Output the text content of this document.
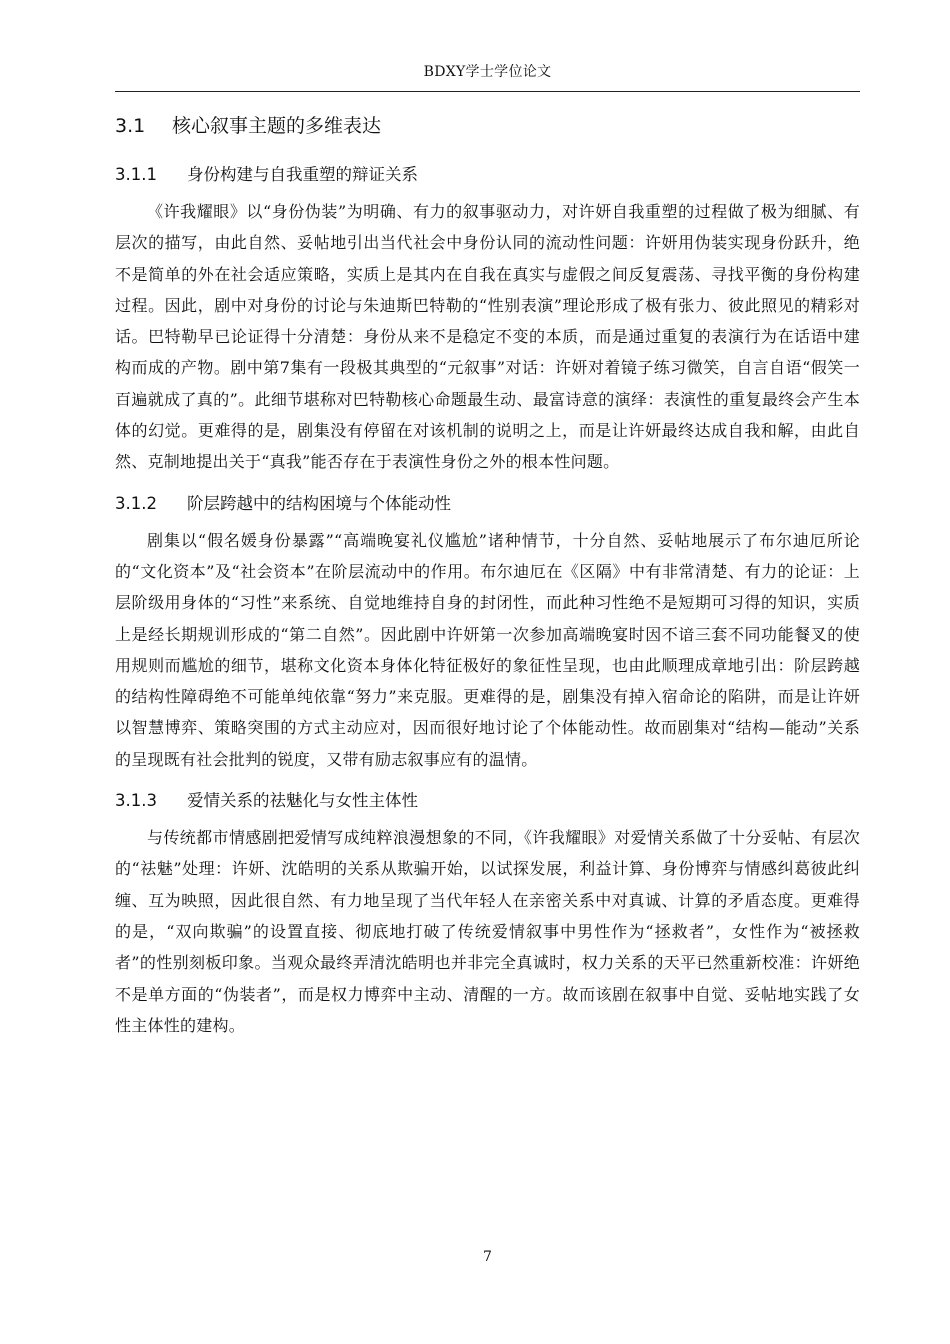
BDXY学士学位论文
3.1 核心叙事主题的多维表达
3.1.1 身份构建与自我重塑的辩证关系

《许我耀眼》以“身份伪装”为明确、有力的叙事驱动力，对许妍自我重塑的过程做了极为细腻、有层次的描写，由此自然、妥帖地引出当代社会中身份认同的流动性问题：许妍用伪装实现身份跃升，绝不是简单的外在社会适应策略，实质上是其内在自我在真实与虚假之间反复震荡、寻找平衡的身份构建过程。因此，剧中对身份的讨论与朱迪斯巴特勒的“性别表演”理论形成了极有张力、彼此照见的精彩对话。巴特勒早已论证得十分清楚：身份从来不是稳定不变的本质，而是通过重复的表演行为在话语中建构而成的产物。剧中第7集有一段极其典型的“元叙事”对话：许妍对着镜子练习微笑，自言自语“假笑一百遍就成了真的”。此细节堪称对巴特勒核心命题最生动、最富诗意的演绎：表演性的重复最终会产生本体的幻觉。更难得的是，剧集没有停留在对该机制的说明之上，而是让许妍最终达成自我和解，由此自然、克制地提出关于“真我”能否存在于表演性身份之外的根本性问题。

3.1.2 阶层跨越中的结构困境与个体能动性

剧集以“假名媛身份暴露”“高端晚宴礼仪尴尬”诸种情节，十分自然、妥帖地展示了布尔迪厄所论的“文化资本”及“社会资本”在阶层流动中的作用。布尔迪厄在《区隔》中有非常清楚、有力的论证：上层阶级用身体的“习性”来系统、自觉地维持自身的封闭性，而此种习性绝不是短期可习得的知识，实质上是经长期规训形成的“第二自然”。因此剧中许妍第一次参加高端晚宴时因不谙三套不同功能餐叉的使用规则而尴尬的细节，堪称文化资本身体化特征极好的象征性呈现，也由此顺理成章地引出：阶层跨越的结构性障碍绝不可能单纯依靠“努力”来克服。更难得的是，剧集没有掉入宿命论的陷阱，而是让许妍以智慧博弈、策略突围的方式主动应对，因而很好地讨论了个体能动性。故而剧集对“结构—能动”关系的呈现既有社会批判的锐度，又带有励志叙事应有的温情。

3.1.3 爱情关系的祛魅化与女性主体性

与传统都市情感剧把爱情写成纯粹浪漫想象的不同，《许我耀眼》对爱情关系做了十分妥帖、有层次的“祛魅”处理：许妍、沈皓明的关系从欺骗开始，以试探发展，利益计算、身份博弈与情感纠葛彼此纠缠、互为映照，因此很自然、有力地呈现了当代年轻人在亲密关系中对真诚、计算的矛盾态度。更难得的是，“双向欺骗”的设置直接、彻底地打破了传统爱情叙事中男性作为“拯救者”，女性作为“被拯救者”的性别刻板印象。当观众最终弄清沈皓明也并非完全真诚时，权力关系的天平已然重新校准：许妍绝不是单方面的“伪装者”，而是权力博弈中主动、清醒的一方。故而该剧在叙事中自觉、妥帖地实践了女性主体性的建构。

7
